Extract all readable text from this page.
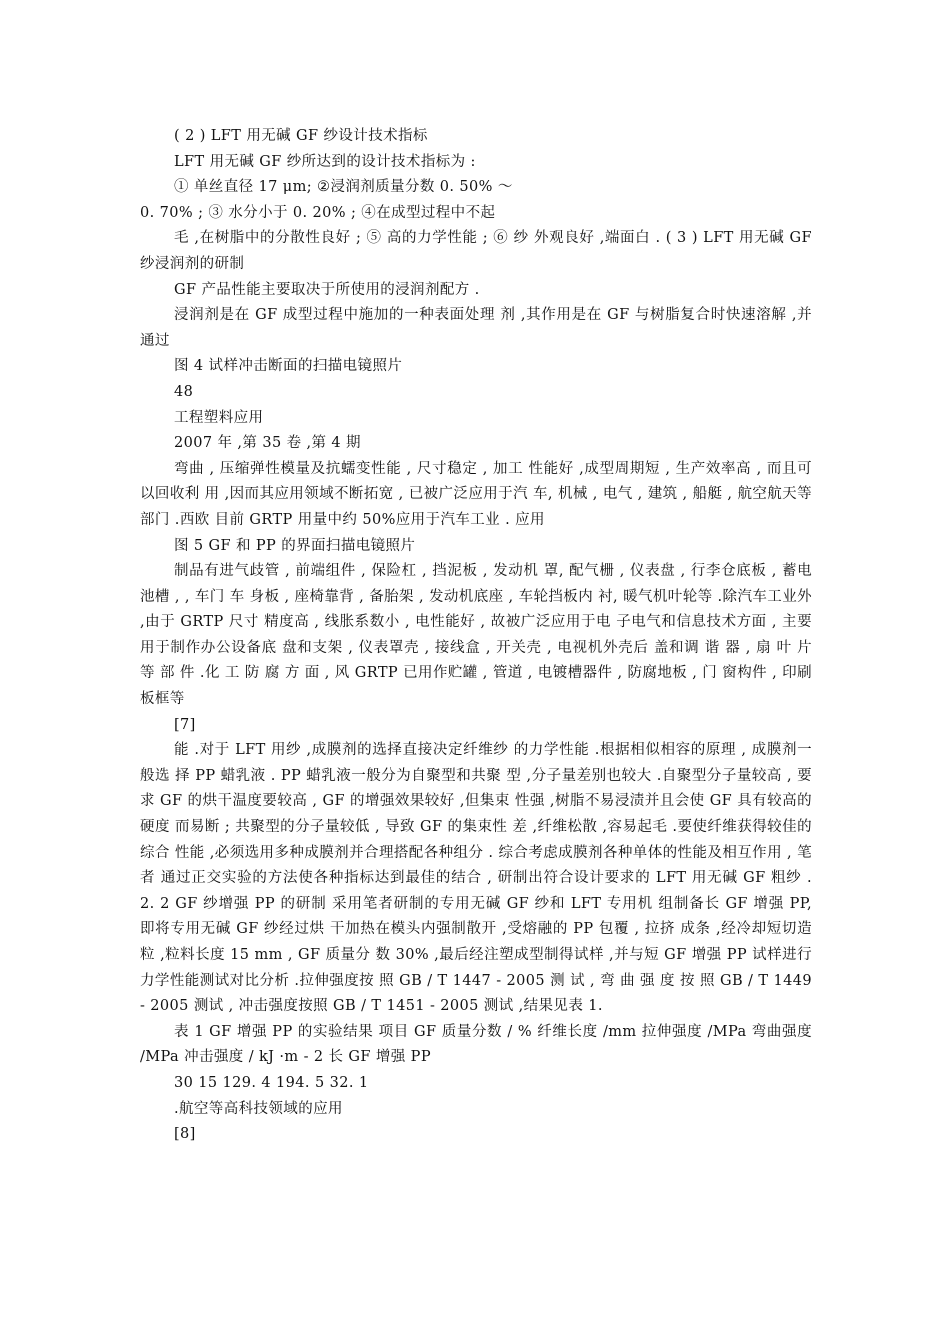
( 2 ) LFT 用无碱 GF 纱设计技术指标

LFT 用无碱 GF 纱所达到的设计技术指标为 :

① 单丝直径 17 μm; ②浸润剂质量分数 0. 50% ～

0. 70% ; ③ 水分小于 0. 20% ; ④在成型过程中不起

毛 ,在树脂中的分散性良好 ; ⑤ 高的力学性能 ; ⑥ 纱 外观良好 ,端面白 . ( 3 ) LFT 用无碱 GF 纱浸润剂的研制

GF 产品性能主要取决于所使用的浸润剂配方 .

浸润剂是在 GF 成型过程中施加的一种表面处理 剂 ,其作用是在 GF 与树脂复合时快速溶解 ,并通过

图 4 试样冲击断面的扫描电镜照片

48

工程塑料应用

2007 年 ,第 35 卷 ,第 4 期

弯曲 , 压缩弹性模量及抗蠕变性能 , 尺寸稳定 , 加工 性能好 ,成型周期短 , 生产效率高 , 而且可以回收利 用 ,因而其应用领域不断拓宽 , 已被广泛应用于汽 车, 机械 , 电气 , 建筑 , 船艇 , 航空航天等部门 .西欧 目前 GRTP 用量中约 50%应用于汽车工业 . 应用

图 5 GF 和 PP 的界面扫描电镜照片

制品有进气歧管 , 前端组件 , 保险杠 , 挡泥板 , 发动机 罩, 配气栅 , 仪表盘 , 行李仓底板 , 蓄电池槽 , , 车门 车 身板 , 座椅靠背 , 备胎架 , 发动机底座 , 车轮挡板内 衬, 暖气机叶轮等 .除汽车工业外 ,由于 GRTP 尺寸 精度高 , 线胀系数小 , 电性能好 , 故被广泛应用于电 子电气和信息技术方面 , 主要用于制作办公设备底 盘和支架 , 仪表罩壳 , 接线盒 , 开关壳 , 电视机外壳后 盖和调 谐 器 , 扇 叶 片 等 部 件 .化 工 防 腐 方 面 , 风 GRTP 已用作贮罐 , 管道 , 电镀槽器件 , 防腐地板 , 门 窗构件 , 印刷板框等

[7]

能 .对于 LFT 用纱 ,成膜剂的选择直接决定纤维纱 的力学性能 .根据相似相容的原理 , 成膜剂一般选 择 PP 蜡乳液 . PP 蜡乳液一般分为自聚型和共聚 型 ,分子量差别也较大 .自聚型分子量较高 , 要求 GF 的烘干温度要较高 , GF 的增强效果较好 ,但集束 性强 ,树脂不易浸渍并且会使 GF 具有较高的硬度 而易断 ; 共聚型的分子量较低 , 导致 GF 的集束性 差 ,纤维松散 ,容易起毛 .要使纤维获得较佳的综合 性能 ,必须选用多种成膜剂并合理搭配各种组分 . 综合考虑成膜剂各种单体的性能及相互作用 , 笔者 通过正交实验的方法使各种指标达到最佳的结合 , 研制出符合设计要求的 LFT 用无碱 GF 粗纱 . 2. 2 GF 纱增强 PP 的研制 采用笔者研制的专用无碱 GF 纱和 LFT 专用机 组制备长 GF 增强 PP, 即将专用无碱 GF 纱经过烘 干加热在模头内强制散开 ,受熔融的 PP 包覆 , 拉挤 成条 ,经冷却短切造粒 ,粒料长度 15 mm , GF 质量分 数 30% ,最后经注塑成型制得试样 ,并与短 GF 增强 PP 试样进行力学性能测试对比分析 .拉伸强度按 照 GB / T 1447 - 2005 测 试 , 弯 曲 强 度 按 照 GB / T 1449 - 2005 测试 , 冲击强度按照 GB / T 1451 - 2005 测试 ,结果见表 1.

表 1 GF 增强 PP 的实验结果 项目 GF 质量分数 / % 纤维长度 /mm 拉伸强度 /MPa 弯曲强度 /MPa 冲击强度 / kJ ·m - 2 长 GF 增强 PP

30 15 129. 4 194. 5 32. 1

.航空等高科技领域的应用

[8]
